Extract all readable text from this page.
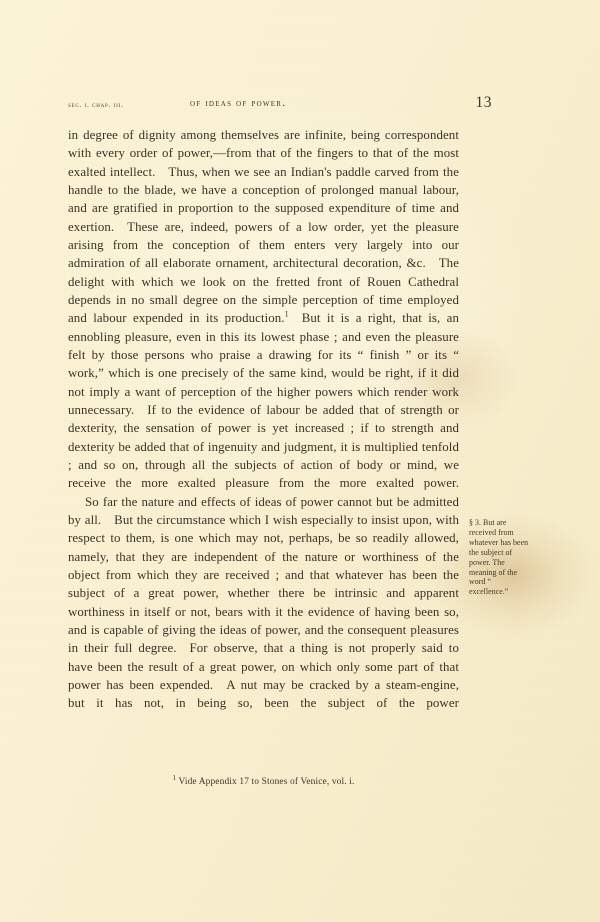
sec. i. chap. iii.	of ideas of power.	13

in degree of dignity among themselves are infinite, being correspondent with every order of power,—from that of the fingers to that of the most exalted intellect. Thus, when we see an Indian's paddle carved from the handle to the blade, we have a conception of prolonged manual labour, and are gratified in proportion to the supposed expenditure of time and exertion. These are, indeed, powers of a low order, yet the pleasure arising from the conception of them enters very largely into our admiration of all elaborate ornament, architectural decoration, &c. The delight with which we look on the fretted front of Rouen Cathedral depends in no small degree on the simple perception of time employed and labour expended in its production.$^1$ But it is a right, that is, an ennobling pleasure, even in this its lowest phase ; and even the pleasure felt by those persons who praise a drawing for its “ finish ” or its “ work,” which is one precisely of the same kind, would be right, if it did not imply a want of perception of the higher powers which render work unnecessary. If to the evidence of labour be added that of strength or dexterity, the sensation of power is yet increased ; if to strength and dexterity be added that of ingenuity and judgment, it is multiplied tenfold ; and so on, through all the subjects of action of body or mind, we receive the more exalted pleasure from the more exalted power.

So far the nature and effects of ideas of power cannot but be admitted by all. But the circumstance which I wish especially to insist upon, with respect to them, is one which may not, perhaps, be so readily allowed, namely, that they are independent of the nature or worthiness of the object from which they are received ; and that whatever has been the subject of a great power, whether there be intrinsic and apparent worthiness in itself or not, bears with it the evidence of having been so, and is capable of giving the ideas of power, and the consequent pleasures in their full degree. For observe, that a thing is not properly said to have been the result of a great power, on which only some part of that power has been expended. A nut may be cracked by a steam-engine, but it has not, in being so, been the subject of the power

§ 3. But are received from whatever has been the subject of power. The meaning of the word “ excellence.”
$^1$ Vide Appendix 17 to Stones of Venice, vol. i.
